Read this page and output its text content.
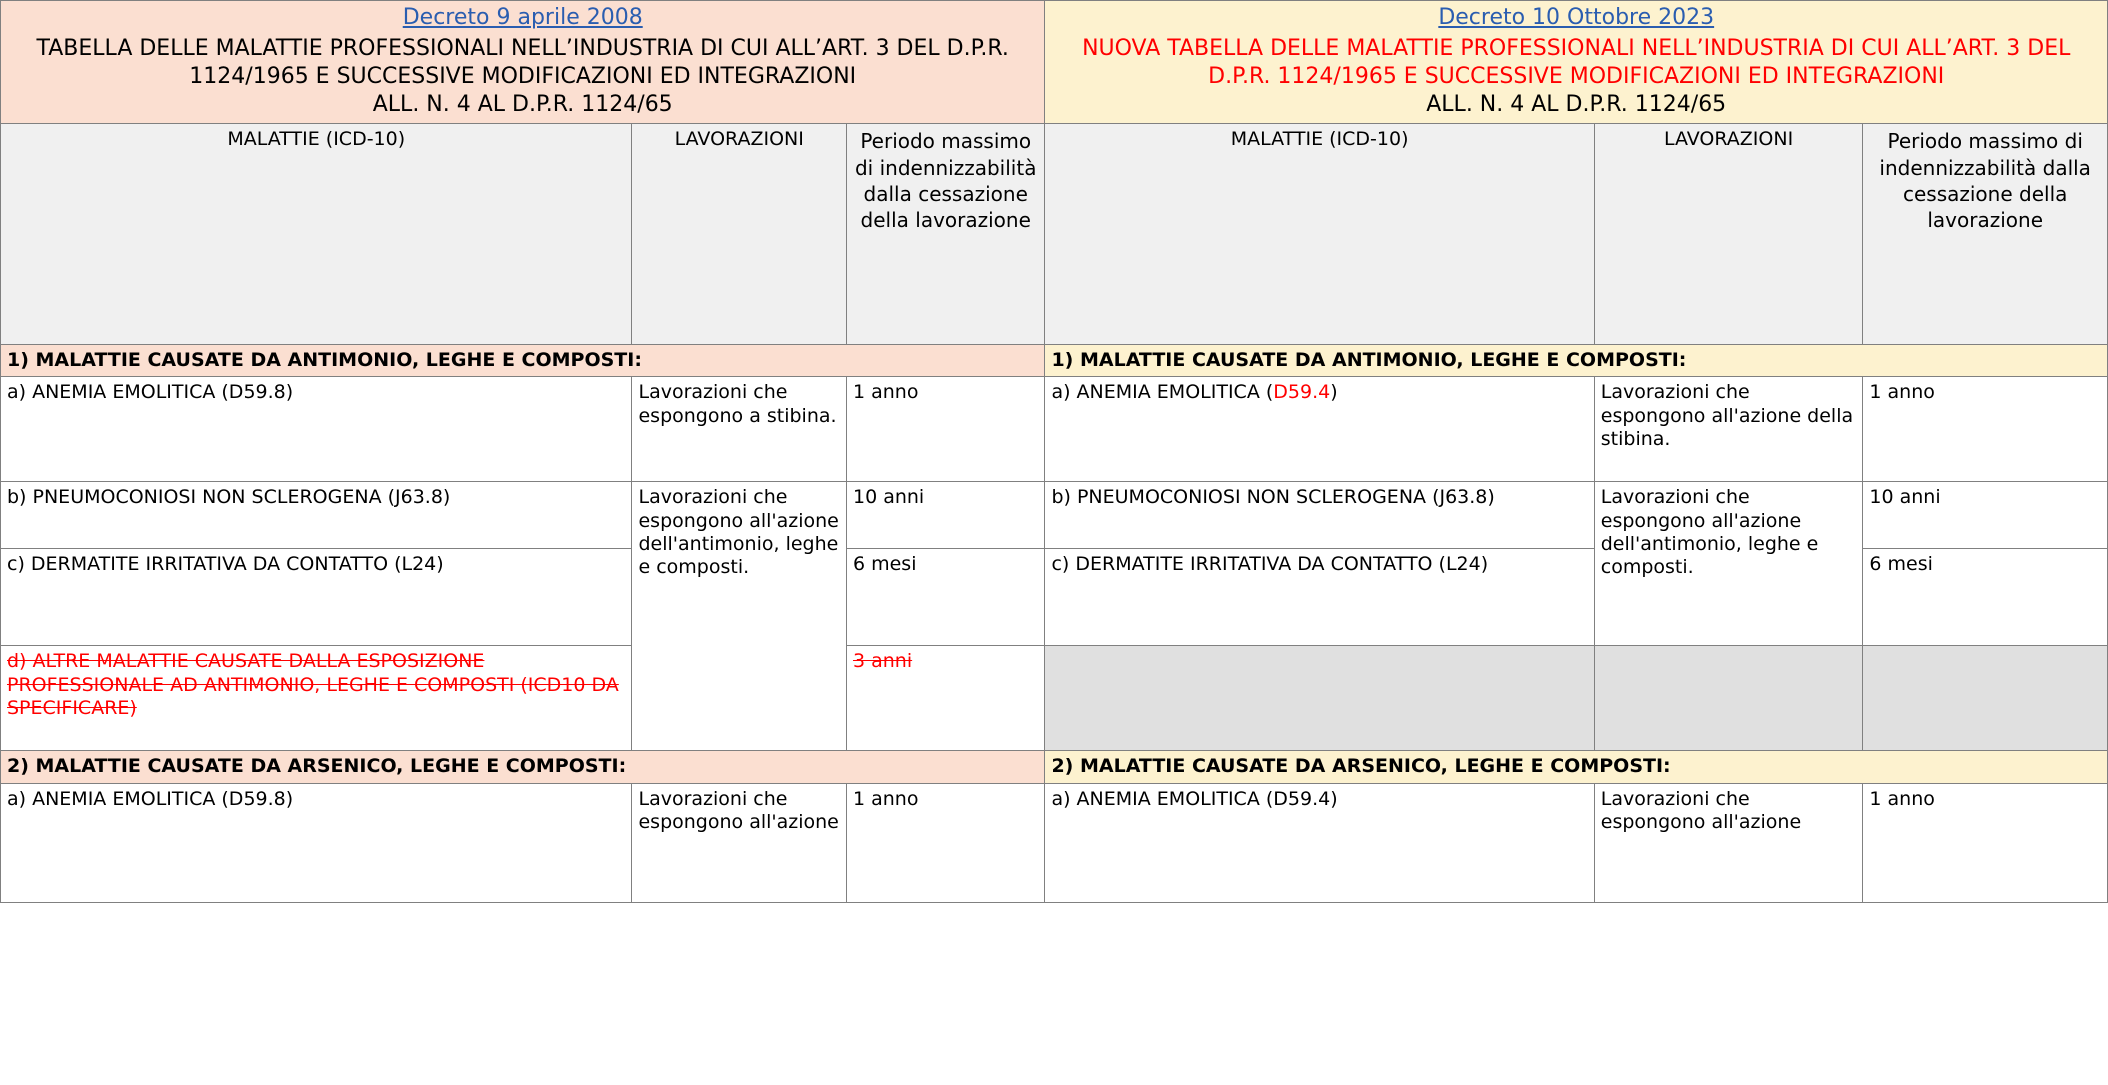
Decreto 9 aprile 2008
TABELLA DELLE MALATTIE PROFESSIONALI NELL’INDUSTRIA DI CUI ALL’ART. 3 DEL D.P.R. 1124/1965 E SUCCESSIVE MODIFICAZIONI ED INTEGRAZIONI
ALL. N. 4 AL D.P.R. 1124/65

Decreto 10 Ottobre 2023
NUOVA TABELLA DELLE MALATTIE PROFESSIONALI NELL’INDUSTRIA DI CUI ALL’ART. 3 DEL D.P.R. 1124/1965 E SUCCESSIVE MODIFICAZIONI ED INTEGRAZIONI
ALL. N. 4 AL D.P.R. 1124/65

MALATTIE (ICD-10)	LAVORAZIONI	Periodo massimo di indennizzabilità dalla cessazione della lavorazione	MALATTIE (ICD-10)	LAVORAZIONI	Periodo massimo di indennizzabilità dalla cessazione della lavorazione
1) MALATTIE CAUSATE DA ANTIMONIO, LEGHE E COMPOSTI:			1) MALATTIE CAUSATE DA ANTIMONIO, LEGHE E COMPOSTI:		
a) ANEMIA EMOLITICA (D59.8)	Lavorazioni che espongono a stibina.	1 anno	a) ANEMIA EMOLITICA (D59.4)	Lavorazioni che espongono all'azione della stibina.	1 anno
b) PNEUMOCONIOSI NON SCLEROGENA (J63.8)	Lavorazioni che espongono all'azione dell'antimonio, leghe e composti.	10 anni	b) PNEUMOCONIOSI NON SCLEROGENA (J63.8)	Lavorazioni che espongono all'azione dell'antimonio, leghe e composti.	10 anni
c) DERMATITE IRRITATIVA DA CONTATTO (L24)		6 mesi	c) DERMATITE IRRITATIVA DA CONTATTO (L24)		6 mesi
d) ALTRE MALATTIE CAUSATE DALLA ESPOSIZIONE PROFESSIONALE AD ANTIMONIO, LEGHE E COMPOSTI (ICD10 DA SPECIFICARE)		3 anni			
2) MALATTIE CAUSATE DA ARSENICO, LEGHE E COMPOSTI:			2) MALATTIE CAUSATE DA ARSENICO, LEGHE E COMPOSTI:		
a) ANEMIA EMOLITICA (D59.8)	Lavorazioni che espongono all'azione	1 anno	a) ANEMIA EMOLITICA (D59.4)	Lavorazioni che espongono all'azione	1 anno
